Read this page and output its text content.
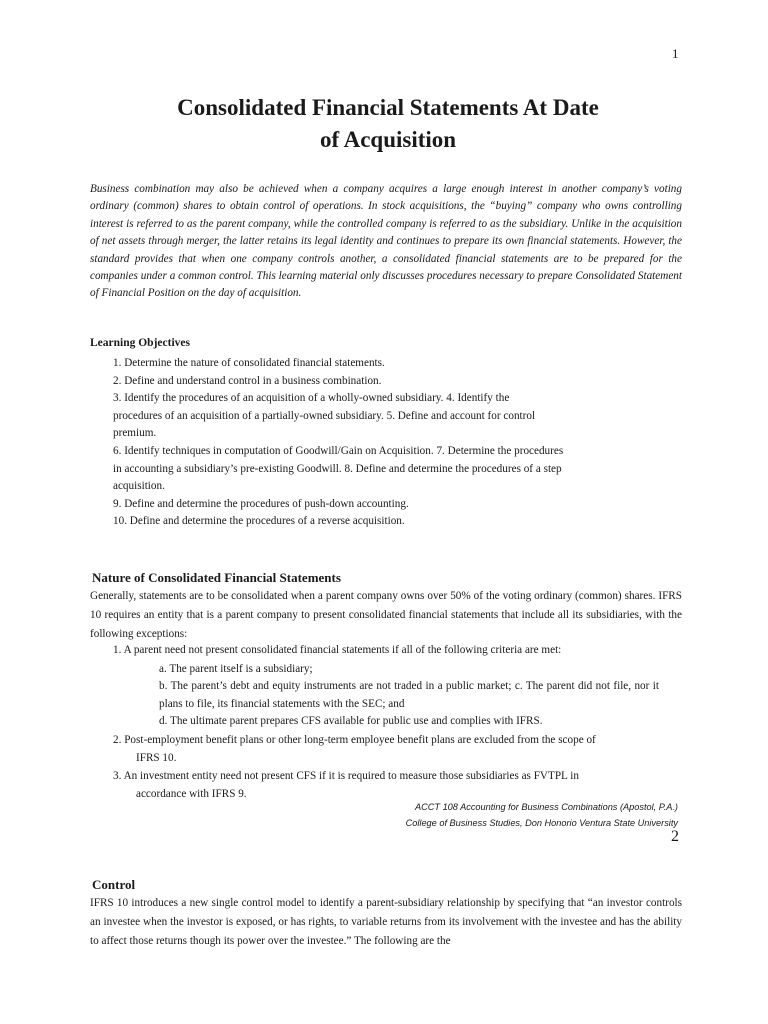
1
Consolidated Financial Statements At Date
of Acquisition
Business combination may also be achieved when a company acquires a large enough interest in another company’s voting ordinary (common) shares to obtain control of operations. In stock acquisitions, the “buying” company who owns controlling interest is referred to as the parent company, while the controlled company is referred to as the subsidiary. Unlike in the acquisition of net assets through merger, the latter retains its legal identity and continues to prepare its own financial statements. However, the standard provides that when one company controls another, a consolidated financial statements are to be prepared for the companies under a common control. This learning material only discusses procedures necessary to prepare Consolidated Statement of Financial Position on the day of acquisition.
Learning Objectives
1. Determine the nature of consolidated financial statements.
2. Define and understand control in a business combination.
3. Identify the procedures of an acquisition of a wholly-owned subsidiary. 4. Identify the
procedures of an acquisition of a partially-owned subsidiary. 5. Define and account for control
premium.
6. Identify techniques in computation of Goodwill/Gain on Acquisition. 7. Determine the procedures
in accounting a subsidiary’s pre-existing Goodwill. 8. Define and determine the procedures of a step
acquisition.
9. Define and determine the procedures of push-down accounting.
10. Define and determine the procedures of a reverse acquisition.
Nature of Consolidated Financial Statements
Generally, statements are to be consolidated when a parent company owns over 50% of the voting ordinary (common) shares. IFRS 10 requires an entity that is a parent company to present consolidated financial statements that include all its subsidiaries, with the following exceptions:
1. A parent need not present consolidated financial statements if all of the following criteria are met:
a. The parent itself is a subsidiary;
b. The parent’s debt and equity instruments are not traded in a public market; c. The parent did not file, nor it plans to file, its financial statements with the SEC; and
d. The ultimate parent prepares CFS available for public use and complies with IFRS.
2. Post-employment benefit plans or other long-term employee benefit plans are excluded from the scope of
IFRS 10.
3. An investment entity need not present CFS if it is required to measure those subsidiaries as FVTPL in
accordance with IFRS 9.
ACCT 108 Accounting for Business Combinations (Apostol, P.A.)
College of Business Studies, Don Honorio Ventura State University
2
Control
IFRS 10 introduces a new single control model to identify a parent-subsidiary relationship by specifying that “an investor controls an investee when the investor is exposed, or has rights, to variable returns from its involvement with the investee and has the ability to affect those returns though its power over the investee.” The following are the
